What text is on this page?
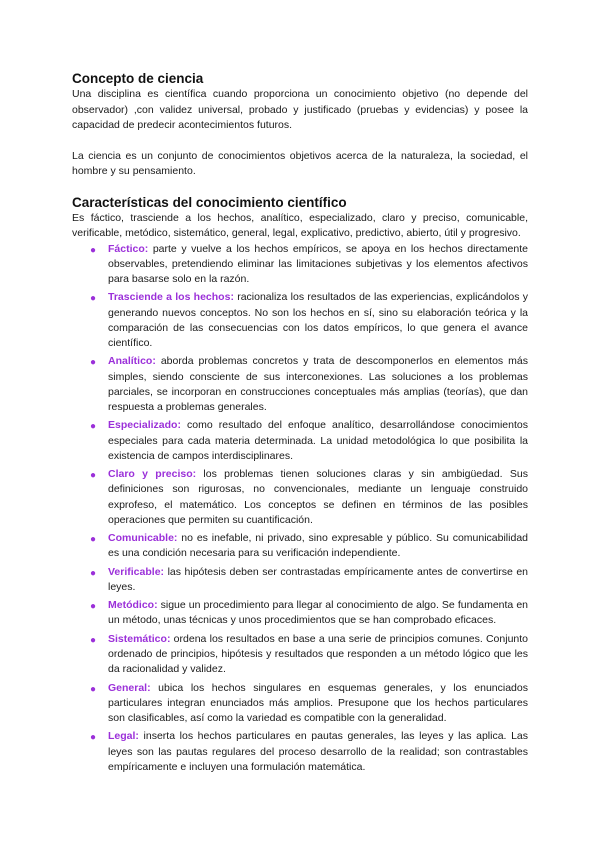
Concepto de ciencia

Una disciplina es científica cuando proporciona un conocimiento objetivo (no depende del observador) ,con validez universal, probado y justificado (pruebas y evidencias) y posee la capacidad de predecir acontecimientos futuros.

La ciencia es un conjunto de conocimientos objetivos acerca de la naturaleza, la sociedad, el hombre y su pensamiento.

Características del conocimiento científico

Es fáctico, trasciende a los hechos, analítico, especializado, claro y preciso, comunicable, verificable, metódico, sistemático, general, legal, explicativo, predictivo, abierto, útil y progresivo.

● Fáctico: parte y vuelve a los hechos empíricos, se apoya en los hechos directamente observables, pretendiendo eliminar las limitaciones subjetivas y los elementos afectivos para basarse solo en la razón.
● Trasciende a los hechos: racionaliza los resultados de las experiencias, explicándolos y generando nuevos conceptos. No son los hechos en sí, sino su elaboración teórica y la comparación de las consecuencias con los datos empíricos, lo que genera el avance científico.
● Analítico: aborda problemas concretos y trata de descomponerlos en elementos más simples, siendo consciente de sus interconexiones. Las soluciones a los problemas parciales, se incorporan en construcciones conceptuales más amplias (teorías), que dan respuesta a problemas generales.
● Especializado: como resultado del enfoque analítico, desarrollándose conocimientos especiales para cada materia determinada. La unidad metodológica lo que posibilita la existencia de campos interdisciplinares.
● Claro y preciso: los problemas tienen soluciones claras y sin ambigüedad. Sus definiciones son rigurosas, no convencionales, mediante un lenguaje construido exprofeso, el matemático. Los conceptos se definen en términos de las posibles operaciones que permiten su cuantificación.
● Comunicable: no es inefable, ni privado, sino expresable y público. Su comunicabilidad es una condición necesaria para su verificación independiente.
● Verificable: las hipótesis deben ser contrastadas empíricamente antes de convertirse en leyes.
● Metódico: sigue un procedimiento para llegar al conocimiento de algo. Se fundamenta en un método, unas técnicas y unos procedimientos que se han comprobado eficaces.
● Sistemático: ordena los resultados en base a una serie de principios comunes. Conjunto ordenado de principios, hipótesis y resultados que responden a un método lógico que les da racionalidad y validez.
● General: ubica los hechos singulares en esquemas generales, y los enunciados particulares integran enunciados más amplios. Presupone que los hechos particulares son clasificables, así como la variedad es compatible con la generalidad.
● Legal: inserta los hechos particulares en pautas generales, las leyes y las aplica. Las leyes son las pautas regulares del proceso desarrollo de la realidad; son contrastables empíricamente e incluyen una formulación matemática.
